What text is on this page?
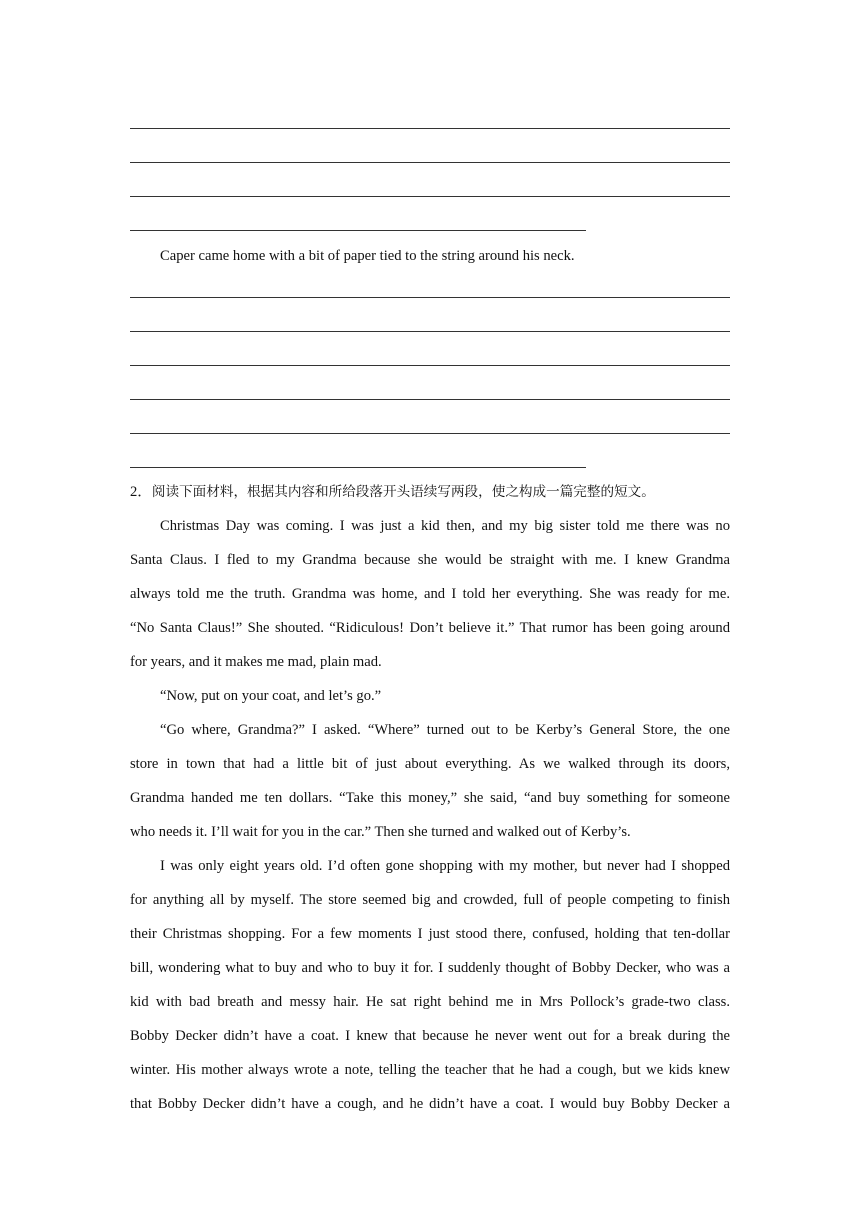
Caper came home with a bit of paper tied to the string around his neck.
2．阅读下面材料，根据其内容和所给段落开头语续写两段，使之构成一篇完整的短文。
Christmas Day was coming. I was just a kid then, and my big sister told me there was no
Santa Claus. I fled to my Grandma because she would be straight with me. I knew Grandma
always told me the truth. Grandma was home, and I told her everything. She was ready for me.
“No Santa Claus!” She shouted. “Ridiculous! Don’t believe it.” That rumor has been going around
for years, and it makes me mad, plain mad.
“Now, put on your coat, and let’s go.”
“Go where, Grandma?” I asked. “Where” turned out to be Kerby’s General Store, the one
store in town that had a little bit of just about everything. As we walked through its doors,
Grandma handed me ten dollars. “Take this money,” she said, “and buy something for someone
who needs it. I’ll wait for you in the car.” Then she turned and walked out of Kerby’s.
I was only eight years old. I’d often gone shopping with my mother, but never had I shopped
for anything all by myself. The store seemed big and crowded, full of people competing to finish
their Christmas shopping. For a few moments I just stood there, confused, holding that ten-dollar
bill, wondering what to buy and who to buy it for. I suddenly thought of Bobby Decker, who was a
kid with bad breath and messy hair. He sat right behind me in Mrs Pollock’s grade-two class.
Bobby Decker didn’t have a coat. I knew that because he never went out for a break during the
winter. His mother always wrote a note, telling the teacher that he had a cough, but we kids knew
that Bobby Decker didn’t have a cough, and he didn’t have a coat. I would buy Bobby Decker a
